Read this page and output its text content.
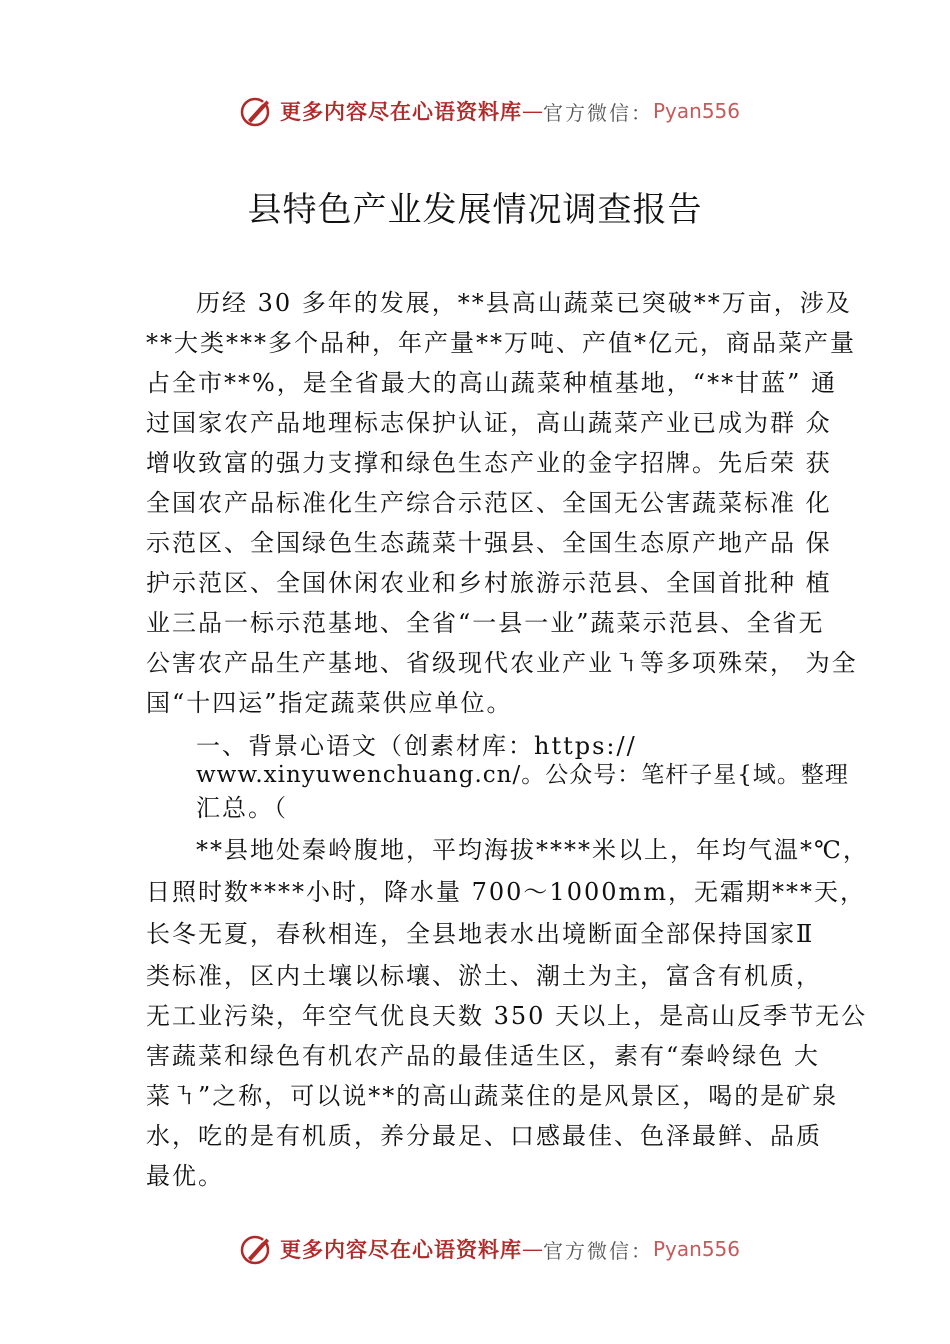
更多内容尽在心语资料库 — 官方微信： Pyan556
县特色产业发展情况调查报告
历经 30 多年的发展，**县高山蔬菜已突破**万亩，涉及
**大类***多个品种，年产量**万吨、产值*亿元，商品菜产量
占全市**%，是全省最大的高山蔬菜种植基地，“**甘蓝” 通
过国家农产品地理标志保护认证，高山蔬菜产业已成为群 众
增收致富的强力支撑和绿色生态产业的金字招牌。先后荣 获
全国农产品标准化生产综合示范区、全国无公害蔬菜标准 化
示范区、全国绿色生态蔬菜十强县、全国生态原产地产品 保
护示范区、全国休闲农业和乡村旅游示范县、全国首批种 植
业三品一标示范基地、全省“一县一业”蔬菜示范县、全省无
公害农产品生产基地、省级现代农业产业㇎等多项殊荣， 为全
国“十四运”指定蔬菜供应单位。
一、背景心语文（创素材库：https://
www.xinyuwenchuang.cn/。公众号：笔杆子星{域。整理
汇总。（
**县地处秦岭腹地，平均海拔****米以上，年均气温*℃，
日照时数****小时，降水量 700～1000mm，无霜期***天，
长冬无夏，春秋相连，全县地表水出境断面全部保持国家Ⅱ
类标准，区内土壤以标壤、淤土、潮土为主，富含有机质，
无工业污染，年空气优良天数 350 天以上，是高山反季节无公
害蔬菜和绿色有机农产品的最佳适生区，素有“秦岭绿色 大
菜㇎”之称，可以说**的高山蔬菜住的是风景区，喝的是矿泉
水，吃的是有机质，养分最足、口感最佳、色泽最鲜、品质
最优。
更多内容尽在心语资料库 — 官方微信： Pyan556
